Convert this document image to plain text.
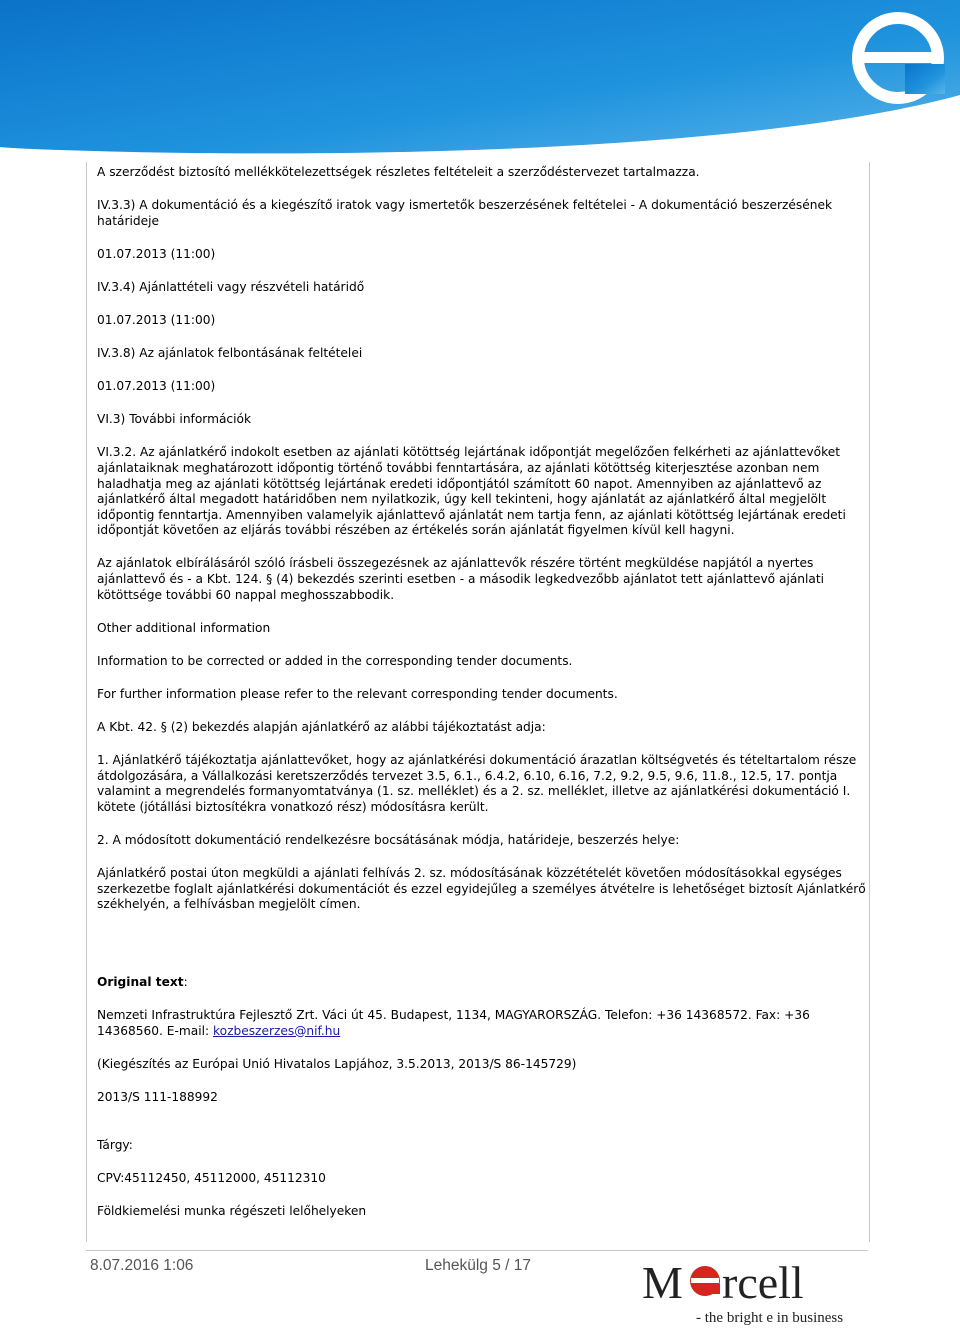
A szerződést biztosító mellékkötelezettségek részletes feltételeit a szerződéstervezet tartalmazza.

IV.3.3) A dokumentáció és a kiegészítő iratok vagy ismertetők beszerzésének feltételei - A dokumentáció beszerzésének határideje

01.07.2013 (11:00)

IV.3.4) Ajánlattételi vagy részvételi határidő

01.07.2013 (11:00)

IV.3.8) Az ajánlatok felbontásának feltételei

01.07.2013 (11:00)

VI.3) További információk

VI.3.2. Az ajánlatkérő indokolt esetben az ajánlati kötöttség lejártának időpontját megelőzően felkérheti az ajánlattevőket ajánlataiknak meghatározott időpontig történő további fenntartására, az ajánlati kötöttség kiterjesztése azonban nem haladhatja meg az ajánlati kötöttség lejártának eredeti időpontjától számított 60 napot. Amennyiben az ajánlattevő az ajánlatkérő által megadott határidőben nem nyilatkozik, úgy kell tekinteni, hogy ajánlatát az ajánlatkérő által megjelölt időpontig fenntartja. Amennyiben valamelyik ajánlattevő ajánlatát nem tartja fenn, az ajánlati kötöttség lejártának eredeti időpontját követően az eljárás további részében az értékelés során ajánlatát figyelmen kívül kell hagyni.

Az ajánlatok elbírálásáról szóló írásbeli összegezésnek az ajánlattevők részére történt megküldése napjától a nyertes ajánlattevő és - a Kbt. 124. § (4) bekezdés szerinti esetben - a második legkedvezőbb ajánlatot tett ajánlattevő ajánlati kötöttsége további 60 nappal meghosszabbodik.

Other additional information

Information to be corrected or added in the corresponding tender documents.

For further information please refer to the relevant corresponding tender documents.

A Kbt. 42. § (2) bekezdés alapján ajánlatkérő az alábbi tájékoztatást adja:

1. Ajánlatkérő tájékoztatja ajánlattevőket, hogy az ajánlatkérési dokumentáció árazatlan költségvetés és tételtartalom része átdolgozására, a Vállalkozási keretszerződés tervezet 3.5, 6.1., 6.4.2, 6.10, 6.16, 7.2, 9.2, 9.5, 9.6, 11.8., 12.5, 17. pontja valamint a megrendelés formanyomtatványa (1. sz. melléklet) és a 2. sz. melléklet, illetve az ajánlatkérési dokumentáció I. kötete (jótállási biztosítékra vonatkozó rész) módosításra került.

2. A módosított dokumentáció rendelkezésre bocsátásának módja, határideje, beszerzés helye:

Ajánlatkérő postai úton megküldi a ajánlati felhívás 2. sz. módosításának közzétételét követően módosításokkal egységes szerkezetbe foglalt ajánlatkérési dokumentációt és ezzel egyidejűleg a személyes átvételre is lehetőséget biztosít Ajánlatkérő székhelyén, a felhívásban megjelölt címen.

Original text:

Nemzeti Infrastruktúra Fejlesztő Zrt. Váci út 45. Budapest, 1134, MAGYARORSZÁG. Telefon: +36 14368572. Fax: +36 14368560. E-mail: kozbeszerzes@nif.hu

(Kiegészítés az Európai Unió Hivatalos Lapjához, 3.5.2013, 2013/S 86-145729)

2013/S 111-188992

Tárgy:

CPV:45112450, 45112000, 45112310

Földkiemelési munka régészeti lelőhelyeken

8.07.2016 1:06	Lehekülg 5 / 17 M rcell
- the bright e in business
